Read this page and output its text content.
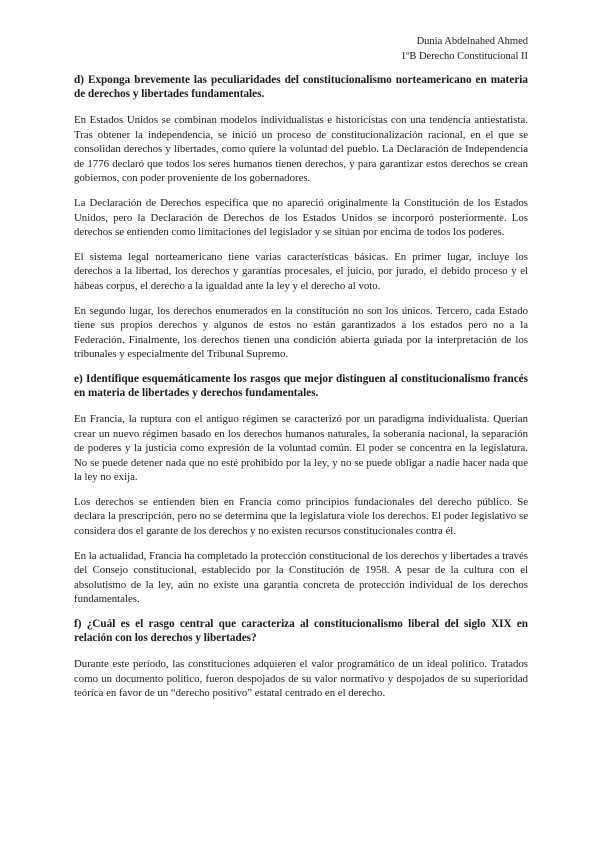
Dunia Abdelnahed Ahmed
1ºB Derecho Constitucional II

d) Exponga brevemente las peculiaridades del constitucionalismo norteamericano en materia de derechos y libertades fundamentales.

En Estados Unidos se combinan modelos individualistas e historicistas con una tendencia antiestatista. Tras obtener la independencia, se inició un proceso de constitucionalización racional, en el que se consolidan derechos y libertades, como quiere la voluntad del pueblo. La Declaración de Independencia de 1776 declaró que todos los seres humanos tienen derechos, y para garantizar estos derechos se crean gobiernos, con poder proveniente de los gobernadores.

La Declaración de Derechos especifica que no apareció originalmente la Constitución de los Estados Unidos, pero la Declaración de Derechos de los Estados Unidos se incorporó posteriormente. Los derechos se entienden como limitaciones del legislador y se sitúan por encima de todos los poderes.

El sistema legal norteamericano tiene varias características básicas. En primer lugar, incluye los derechos a la libertad, los derechos y garantías procesales, el juicio, por jurado, el debido proceso y el hábeas corpus, el derecho a la igualdad ante la ley y el derecho al voto.

En segundo lugar, los derechos enumerados en la constitución no son los únicos. Tercero, cada Estado tiene sus propios derechos y algunos de estos no están garantizados a los estados pero no a la Federación. Finalmente, los derechos tienen una condición abierta guiada por la interpretación de los tribunales y especialmente del Tribunal Supremo.

e) Identifique esquemáticamente los rasgos que mejor distinguen al constitucionalismo francés en materia de libertades y derechos fundamentales.

En Francia, la ruptura con el antiguo régimen se caracterizó por un paradigma individualista. Querían crear un nuevo régimen basado en los derechos humanos naturales, la soberanía nacional, la separación de poderes y la justicia como expresión de la voluntad común. El poder se concentra en la legislatura. No se puede detener nada que no esté prohibido por la ley, y no se puede obligar a nadie hacer nada que la ley no exija.

Los derechos se entienden bien en Francia como principios fundacionales del derecho público. Se declara la prescripción, pero no se determina que la legislatura viole los derechos. El poder legislativo se considera dos el garante de los derechos y no existen recursos constitucionales contra él.

En la actualidad, Francia ha completado la protección constitucional de los derechos y libertades a través del Consejo constitucional, establecido por la Constitución de 1958. A pesar de la cultura con el absolutismo de la ley, aún no existe una garantía concreta de protección individual de los derechos fundamentales.

f) ¿Cuál es el rasgo central que caracteriza al constitucionalismo liberal del siglo XIX en relación con los derechos y libertades?

Durante este período, las constituciones adquieren el valor programático de un ideal político. Tratados como un documento político, fueron despojados de su valor normativo y despojados de su superioridad teórica en favor de un “derecho positivo” estatal centrado en el derecho.
